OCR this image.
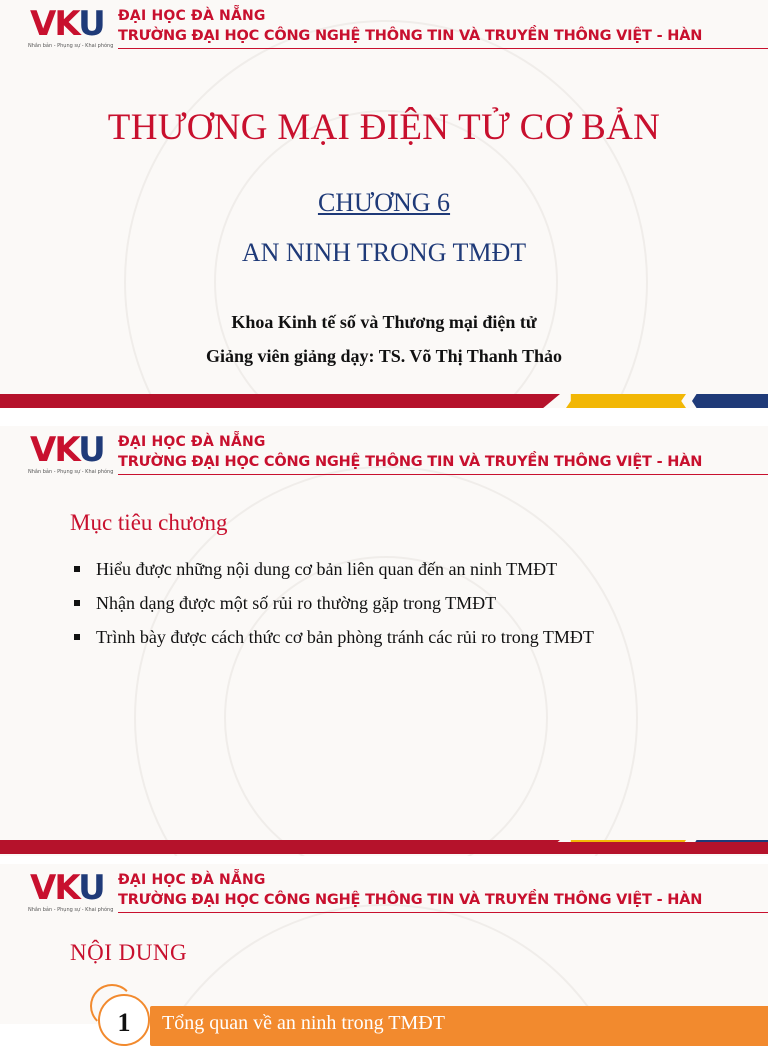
VKU
Nhân bản - Phụng sự - Khai phóng
ĐẠI HỌC ĐÀ NẴNG
TRƯỜNG ĐẠI HỌC CÔNG NGHỆ THÔNG TIN VÀ TRUYỀN THÔNG VIỆT - HÀN
THƯƠNG MẠI ĐIỆN TỬ CƠ BẢN
CHƯƠNG 6
AN NINH TRONG TMĐT
Khoa Kinh tế số và Thương mại điện tử
Giảng viên giảng dạy: TS. Võ Thị Thanh Thảo
VKU
Nhân bản - Phụng sự - Khai phóng
ĐẠI HỌC ĐÀ NẴNG
TRƯỜNG ĐẠI HỌC CÔNG NGHỆ THÔNG TIN VÀ TRUYỀN THÔNG VIỆT - HÀN
Mục tiêu chương
Hiểu được những nội dung cơ bản liên quan đến an ninh TMĐT
Nhận dạng được một số rủi ro thường gặp trong TMĐT
Trình bày được cách thức cơ bản phòng tránh các rủi ro trong TMĐT
VKU
Nhân bản - Phụng sự - Khai phóng
ĐẠI HỌC ĐÀ NẴNG
TRƯỜNG ĐẠI HỌC CÔNG NGHỆ THÔNG TIN VÀ TRUYỀN THÔNG VIỆT - HÀN
NỘI DUNG
Tổng quan về an ninh trong TMĐT
1
